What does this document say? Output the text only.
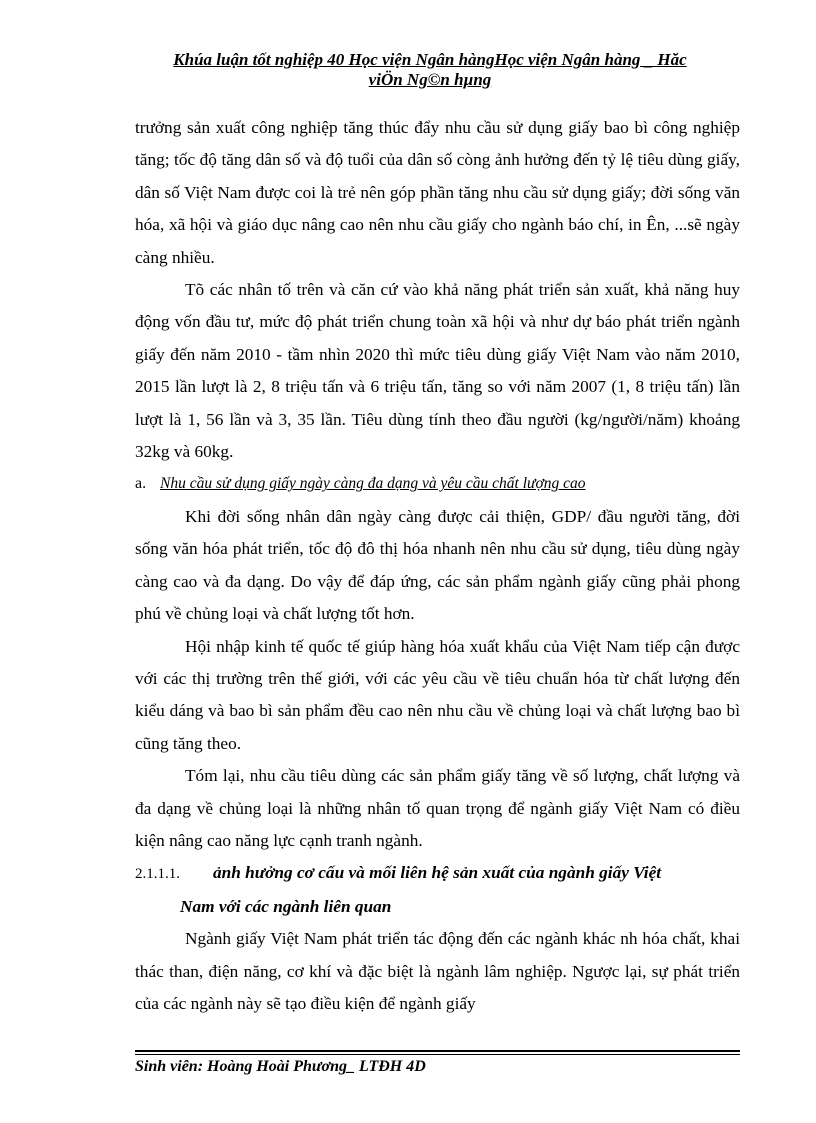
Khúa luận tốt nghiệp 40 Học viện Ngân hàngHọc viện Ngân hàng _ Hăc
viÖn Ng©n hµng

trưởng sản xuất công nghiệp tăng thúc đẩy nhu cầu sử dụng giấy bao bì công nghiệp tăng; tốc độ tăng dân số và độ tuổi của dân số còng ảnh hưởng đến tỷ lệ tiêu dùng giấy, dân số Việt Nam được coi là trẻ nên góp phần tăng nhu cầu sử dụng giấy; đời sống văn hóa, xã hội và giáo dục nâng cao nên nhu cầu giấy cho ngành báo chí, in Ên, ...sẽ ngày càng nhiều.

Tõ các nhân tố trên và căn cứ vào khả năng phát triển sản xuất, khả năng huy động vốn đầu tư, mức độ phát triển chung toàn xã hội và như dự báo phát triển ngành giấy đến năm 2010 - tầm nhìn 2020 thì mức tiêu dùng giấy Việt Nam vào năm 2010, 2015 lần lượt là 2, 8 triệu tấn và 6 triệu tấn, tăng so với năm 2007 (1, 8 triệu tấn) lần lượt là 1, 56 lần và 3, 35 lần. Tiêu dùng tính theo đầu người (kg/người/năm) khoảng 32kg và 60kg.

a. Nhu cầu sử dụng giấy ngày càng đa dạng và yêu cầu chất lượng cao

Khi đời sống nhân dân ngày càng được cải thiện, GDP/ đầu người tăng, đời sống văn hóa phát triển, tốc độ đô thị hóa nhanh nên nhu cầu sử dụng, tiêu dùng ngày càng cao và đa dạng. Do vậy để đáp ứng, các sản phẩm ngành giấy cũng phải phong phú về chủng loại và chất lượng tốt hơn.

Hội nhập kinh tế quốc tế giúp hàng hóa xuất khẩu của Việt Nam tiếp cận được với các thị trường trên thế giới, với các yêu cầu về tiêu chuẩn hóa từ chất lượng đến kiểu dáng và bao bì sản phẩm đều cao nên nhu cầu về chủng loại và chất lượng bao bì cũng tăng theo.

Tóm lại, nhu cầu tiêu dùng các sản phẩm giấy tăng về số lượng, chất lượng và đa dạng về chủng loại là những nhân tố quan trọng để ngành giấy Việt Nam có điều kiện nâng cao năng lực cạnh tranh ngành.

2.1.1.1.	ảnh hưởng cơ cấu và mối liên hệ sản xuất của ngành giấy Việt
Nam với các ngành liên quan

Ngành giấy Việt Nam phát triển tác động đến các ngành khác nh hóa chất, khai thác than, điện năng, cơ khí và đặc biệt là ngành lâm nghiệp. Ngược lại, sự phát triển của các ngành này sẽ tạo điều kiện để ngành giấy

Sinh viên: Hoàng Hoài Phương_ LTĐH 4D
